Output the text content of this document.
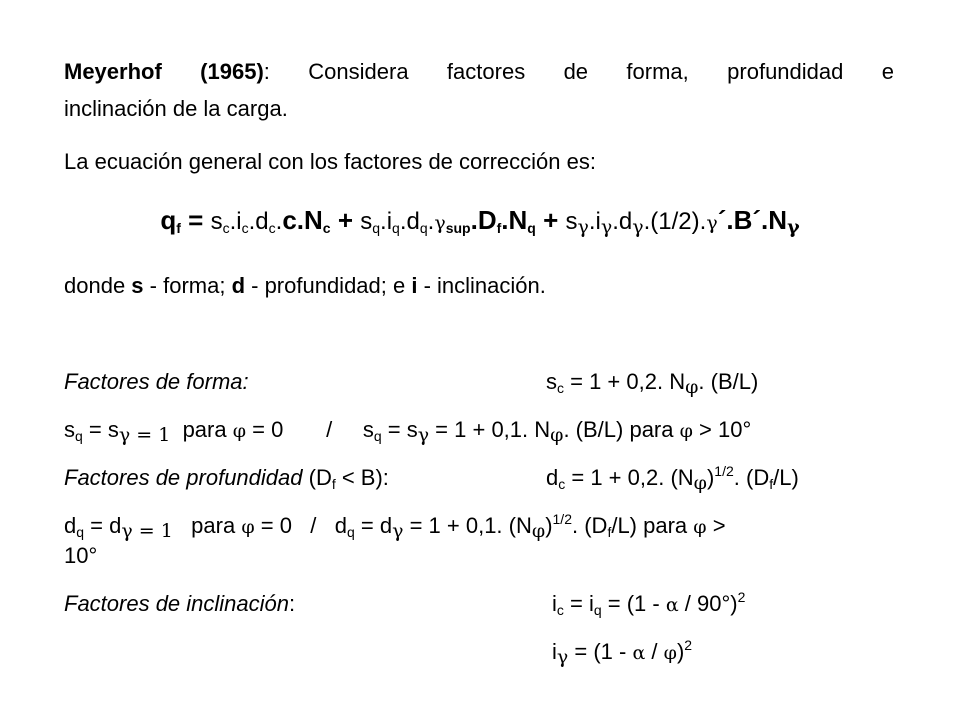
Meyerhof (1965): Considera factores de forma, profundidad e
inclinación de la carga.
La ecuación general con los factores de corrección es:
$q_f = s_c.i_c.d_c.c.N_c + s_q.i_q.d_q.\gamma_{sup}.D_f.N_q$ + $s_\gamma.i_\gamma.d_\gamma.(1/2).\gamma´.B´.N_\gamma$
donde s - forma; d - profundidad; e i - inclinación.
Factores de forma:	$s_c = 1 + 0,2$. $N_\varphi$. (B/L)
$s_q = s_\gamma$ $_{= 1}$ para $\varphi = 0 / s_q = s_\gamma = 1 + 0,1$. $N_\varphi$. (B/L) para φ > 10°
Factores de profundidad $(D_f < B)$:	$d_c = 1 + 0,2$. $(N_\varphi)^{1/2}$. $(D_f/L)$
$d_q = d_\gamma$ $_{= 1}$ para $\varphi = 0 / d_q = d_\gamma = 1 + 0,1$. $(N_\varphi)^{1/2}$. $(D_f/L)$ para φ >
10°
Factores de inclinación:	$i_c = i_q = (1 - \alpha / 90^\circ)^2$
$i_\gamma = (1 - \alpha / \varphi)^2$
